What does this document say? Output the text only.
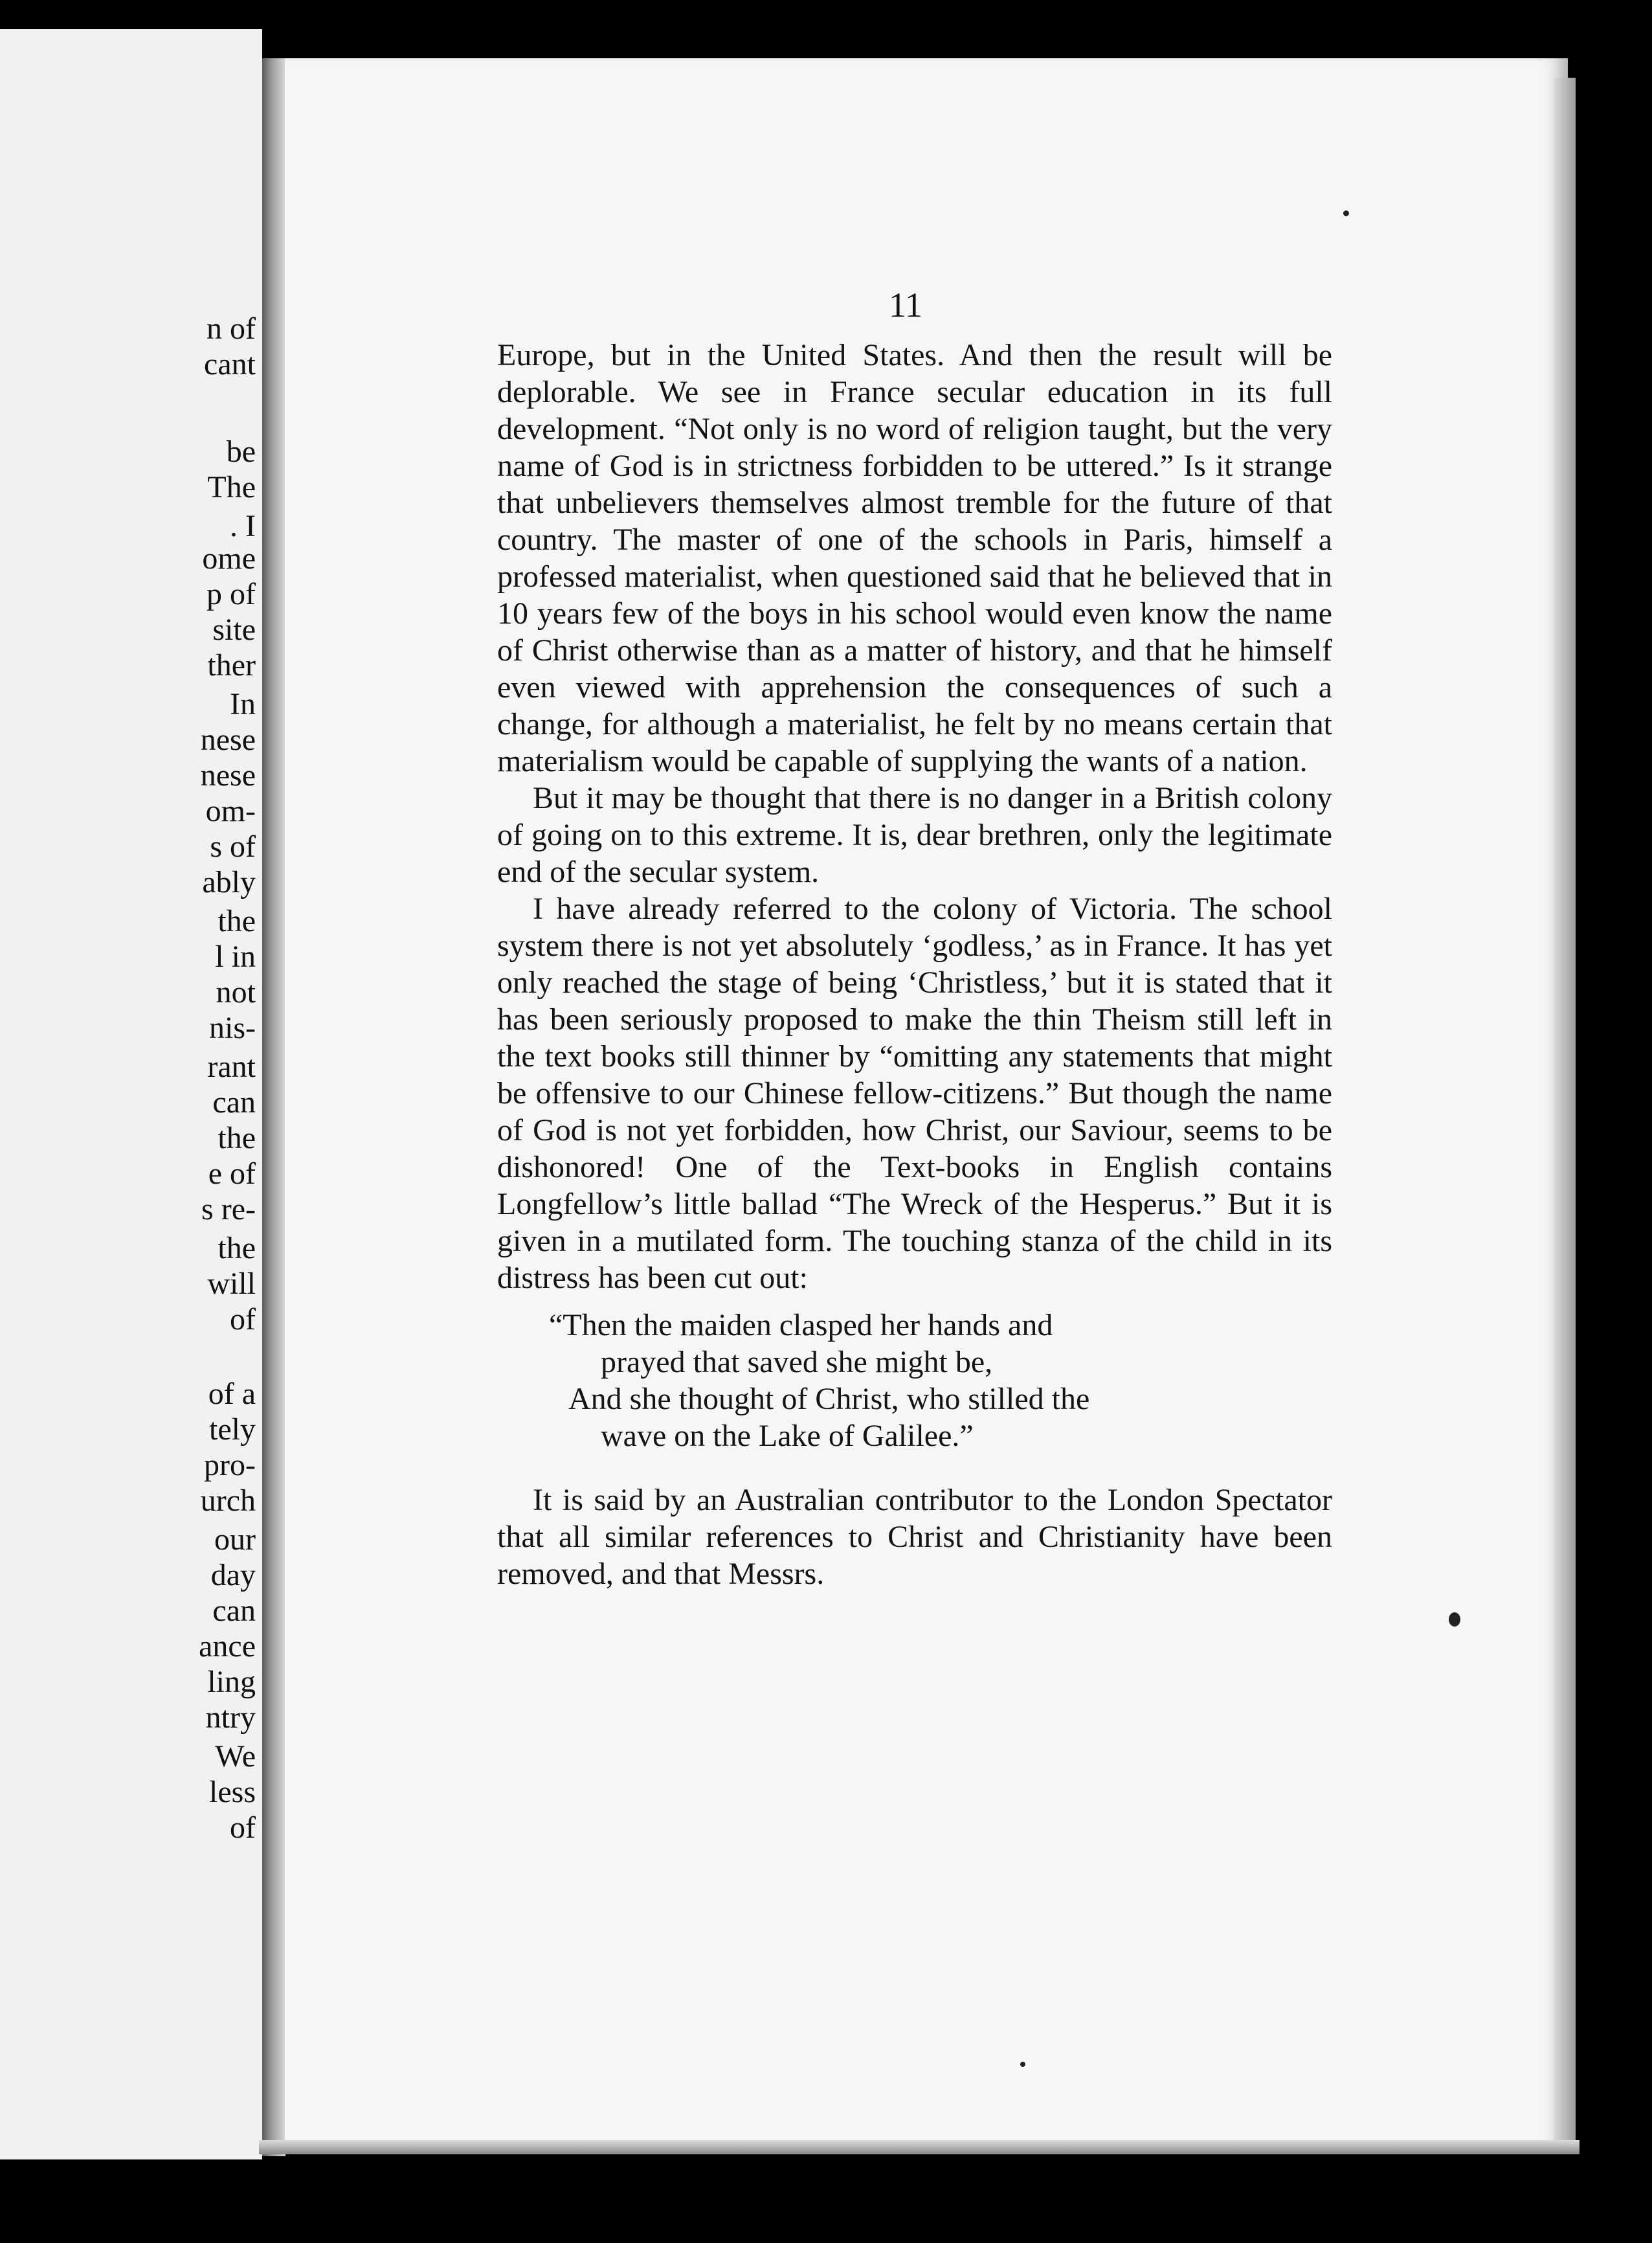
n of
cant
be
The
. I
ome
p of
site
ther
In
nese
nese
om-
s of
ably
the
l in
not
nis-
rant
can
the
e of
s re-
the
will
of
of a
tely
pro-
urch
our
day
can
ance
ling
ntry
We
less
of
11

Europe, but in the United States. And then the result will be deplorable. We see in France secular education in its full development. “Not only is no word of religion taught, but the very name of God is in strictness forbidden to be uttered.” Is it strange that unbelievers themselves almost tremble for the future of that country. The master of one of the schools in Paris, himself a professed materialist, when questioned said that he believed that in 10 years few of the boys in his school would even know the name of Christ otherwise than as a matter of history, and that he himself even viewed with apprehension the consequences of such a change, for although a materialist, he felt by no means certain that materialism would be capable of supplying the wants of a nation.

But it may be thought that there is no danger in a British colony of going on to this extreme. It is, dear brethren, only the legitimate end of the secular system.

I have already referred to the colony of Victoria. The school system there is not yet absolutely ‘godless,’ as in France. It has yet only reached the stage of being ‘Christless,’ but it is stated that it has been seriously proposed to make the thin Theism still left in the text books still thinner by “omitting any statements that might be offensive to our Chinese fellow-citizens.” But though the name of God is not yet forbidden, how Christ, our Saviour, seems to be dishonored! One of the Text-books in English contains Longfellow’s little ballad “The Wreck of the Hesperus.” But it is given in a mutilated form. The touching stanza of the child in its distress has been cut out:

“Then the maiden clasped her hands and
prayed that saved she might be,
And she thought of Christ, who stilled the
wave on the Lake of Galilee.”

It is said by an Australian contributor to the London Spectator that all similar references to Christ and Christianity have been removed, and that Messrs.
